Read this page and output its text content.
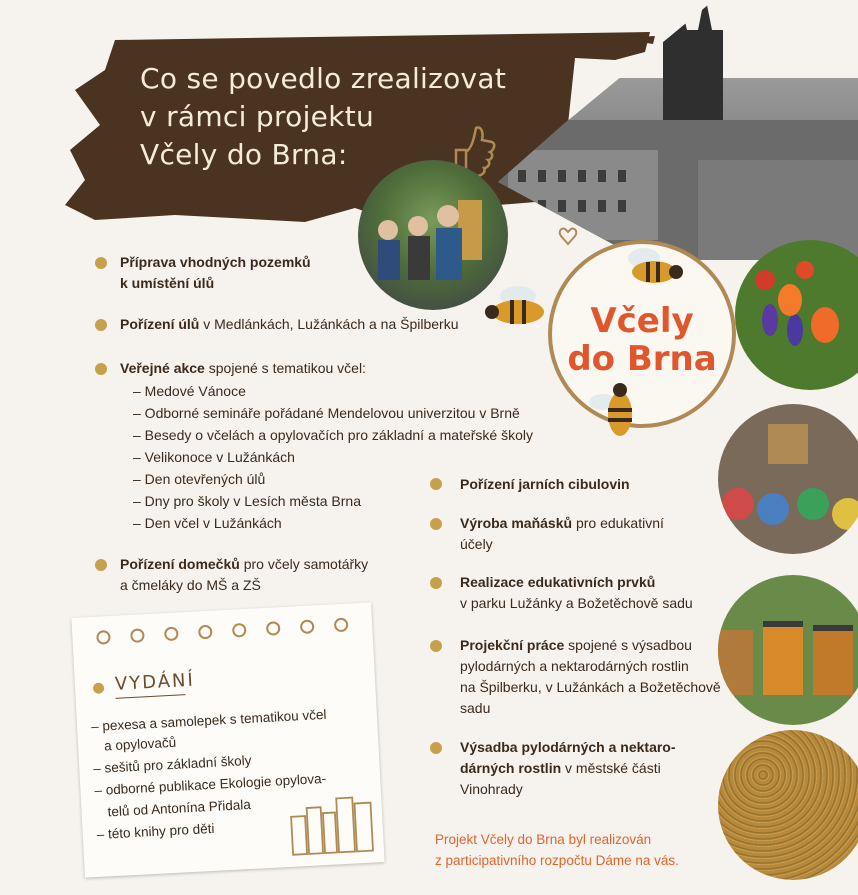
Co se povedlo zrealizovat
v rámci projektu
Včely do Brna:
Včely
do Brna
Příprava vhodných pozemků
k umístění úlů
Pořízení úlů v Medlánkách, Lužánkách a na Špilberku
Veřejné akce spojené s tematikou včel:
– Medové Vánoce
– Odborné semináře pořádané Mendelovou univerzitou v Brně
– Besedy o včelách a opylovačích pro základní a mateřské školy
– Velikonoce v Lužánkách
– Den otevřených úlů
– Dny pro školy v Lesích města Brna
– Den včel v Lužánkách
Pořízení domečků pro včely samotářky
a čmeláky do MŠ a ZŠ
Pořízení jarních cibulovin
Výroba maňásků pro edukativní
účely
Realizace edukativních prvků
v parku Lužánky a Božetěchově sadu
Projekční práce spojené s výsadbou
pylodárných a nektarodárných rostlin
na Špilberku, v Lužánkách a Božetěchově
sadu
Výsadba pylodárných a nektaro-
dárných rostlin v městské části
Vinohrady
VYDÁNÍ
– pexesa a samolepek s tematikou včel
a opylovačů
– sešitů pro základní školy
– odborné publikace Ekologie opylova-
telů od Antonína Přidala
– této knihy pro děti	Projekt Včely do Brna byl realizován
z participativního rozpočtu Dáme na vás.
